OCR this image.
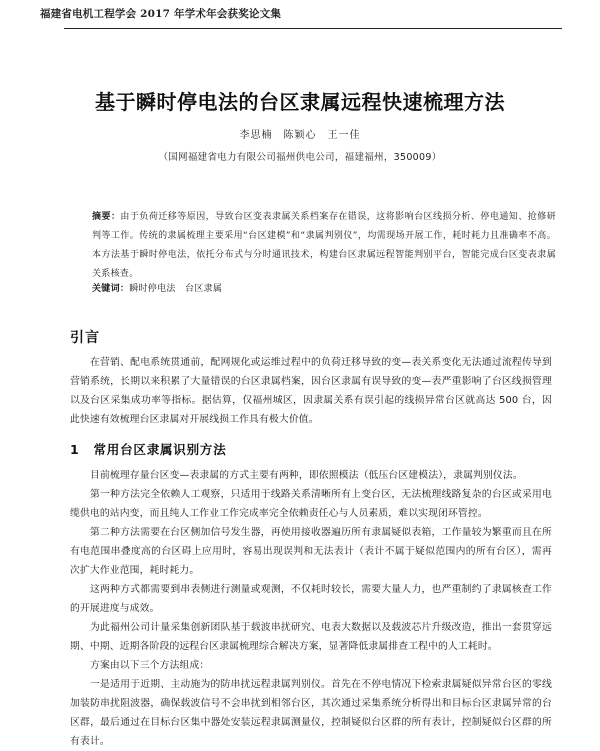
福建省电机工程学会 2017 年学术年会获奖论文集
基于瞬时停电法的台区隶属远程快速梳理方法
李思楠　陈颖心　王一佳
（国网福建省电力有限公司福州供电公司，福建福州，350009）
摘要：由于负荷迁移等原因，导致台区变表隶属关系档案存在错误，这将影响台区线损分析、停电通知、抢修研判等工作。传统的隶属梳理主要采用“台区建模”和“隶属判别仪”，均需现场开展工作，耗时耗力且准确率不高。本方法基于瞬时停电法，依托分布式与分时通讯技术，构建台区隶属远程智能判别平台，智能完成台区变表隶属关系核查。
关键词：瞬时停电法　台区隶属
引言
在营销、配电系统贯通前，配网规化或运维过程中的负荷迁移导致的变—表关系变化无法通过流程传导到营销系统，长期以来积累了大量错误的台区隶属档案，因台区隶属有误导致的变—表严重影响了台区线损管理以及台区采集成功率等指标。据估算，仅福州城区，因隶属关系有误引起的线损异常台区就高达 500 台，因此快速有效梳理台区隶属对开展线损工作具有极大价值。
1 常用台区隶属识别方法
目前梳理存量台区变—表隶属的方式主要有两种，即依照模法（低压台区建模法），隶属判别仪法。
第一种方法完全依赖人工观察，只适用于线路关系清晰所有上变台区，无法梳理线路复杂的台区或采用电缆供电的站内变，而且纯人工作业工作完成率完全依赖责任心与人员素质，难以实现闭环管控。
第二种方法需要在台区侧加信号发生器，再使用接收器遍历所有隶属疑似表箱，工作量较为繁重而且在所有电范围串叠度高的台区碍上应用时，容易出现误判和无法表计（表计不属于疑似范围内的所有台区），需再次扩大作业范围，耗时耗力。
这两种方式都需要到串表侧进行测量或观测，不仅耗时较长，需要大量人力，也严重制约了隶属核查工作的开展进度与成效。
为此福州公司计量采集创新团队基于载波串扰研究、电表大数据以及载波芯片升级改造，推出一套贯穿远期、中期、近期各阶段的远程台区隶属梳理综合解决方案，显著降低隶属排查工程中的人工耗时。
方案由以下三个方法组成：
一是适用于近期、主动施为的防串扰远程隶属判别仪。首先在不停电情况下检索隶属疑似异常台区的零线加装防串扰阻波器，确保载波信号不会串扰到相邻台区，其次通过采集系统分析得出和目标台区隶属异常的台区群，最后通过在目标台区集中器处安装远程隶属测量仪，控制疑似台区群的所有表计，控制疑似台区群的所有表计。
